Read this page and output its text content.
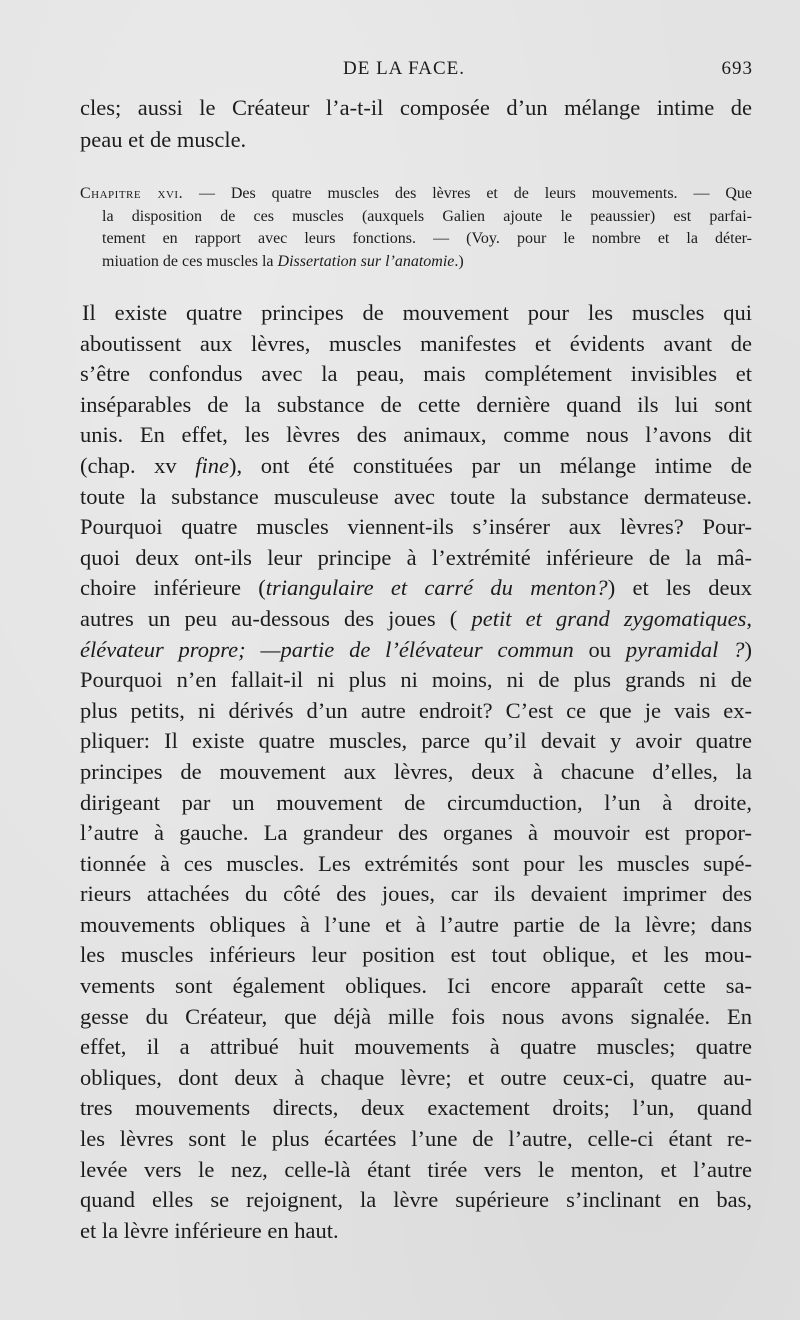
DE LA FACE.	693
cles; aussi le Créateur l’a-t-il composée d’un mélange intime de
peau et de muscle.
Chapitre xvi. — Des quatre muscles des lèvres et de leurs mouvements. — Que
la disposition de ces muscles (auxquels Galien ajoute le peaussier) est parfai-
tement en rapport avec leurs fonctions. — (Voy. pour le nombre et la déter-
miuation de ces muscles la Dissertation sur l’anatomie.)
Il existe quatre principes de mouvement pour les muscles qui
aboutissent aux lèvres, muscles manifestes et évidents avant de
s’être confondus avec la peau, mais complétement invisibles et
inséparables de la substance de cette dernière quand ils lui sont
unis. En effet, les lèvres des animaux, comme nous l’avons dit
(chap. xv fine), ont été constituées par un mélange intime de
toute la substance musculeuse avec toute la substance dermateuse.
Pourquoi quatre muscles viennent-ils s’insérer aux lèvres? Pour-
quoi deux ont-ils leur principe à l’extrémité inférieure de la mâ-
choire inférieure (triangulaire et carré du menton?) et les deux
autres un peu au-dessous des joues ( petit et grand zygomatiques,
élévateur propre; —partie de l’élévateur commun ou pyramidal ?)
Pourquoi n’en fallait-il ni plus ni moins, ni de plus grands ni de
plus petits, ni dérivés d’un autre endroit? C’est ce que je vais ex-
pliquer: Il existe quatre muscles, parce qu’il devait y avoir quatre
principes de mouvement aux lèvres, deux à chacune d’elles, la
dirigeant par un mouvement de circumduction, l’un à droite,
l’autre à gauche. La grandeur des organes à mouvoir est propor-
tionnée à ces muscles. Les extrémités sont pour les muscles supé-
rieurs attachées du côté des joues, car ils devaient imprimer des
mouvements obliques à l’une et à l’autre partie de la lèvre; dans
les muscles inférieurs leur position est tout oblique, et les mou-
vements sont également obliques. Ici encore apparaît cette sa-
gesse du Créateur, que déjà mille fois nous avons signalée. En
effet, il a attribué huit mouvements à quatre muscles; quatre
obliques, dont deux à chaque lèvre; et outre ceux-ci, quatre au-
tres mouvements directs, deux exactement droits; l’un, quand
les lèvres sont le plus écartées l’une de l’autre, celle-ci étant re-
levée vers le nez, celle-là étant tirée vers le menton, et l’autre
quand elles se rejoignent, la lèvre supérieure s’inclinant en bas,
et la lèvre inférieure en haut.
